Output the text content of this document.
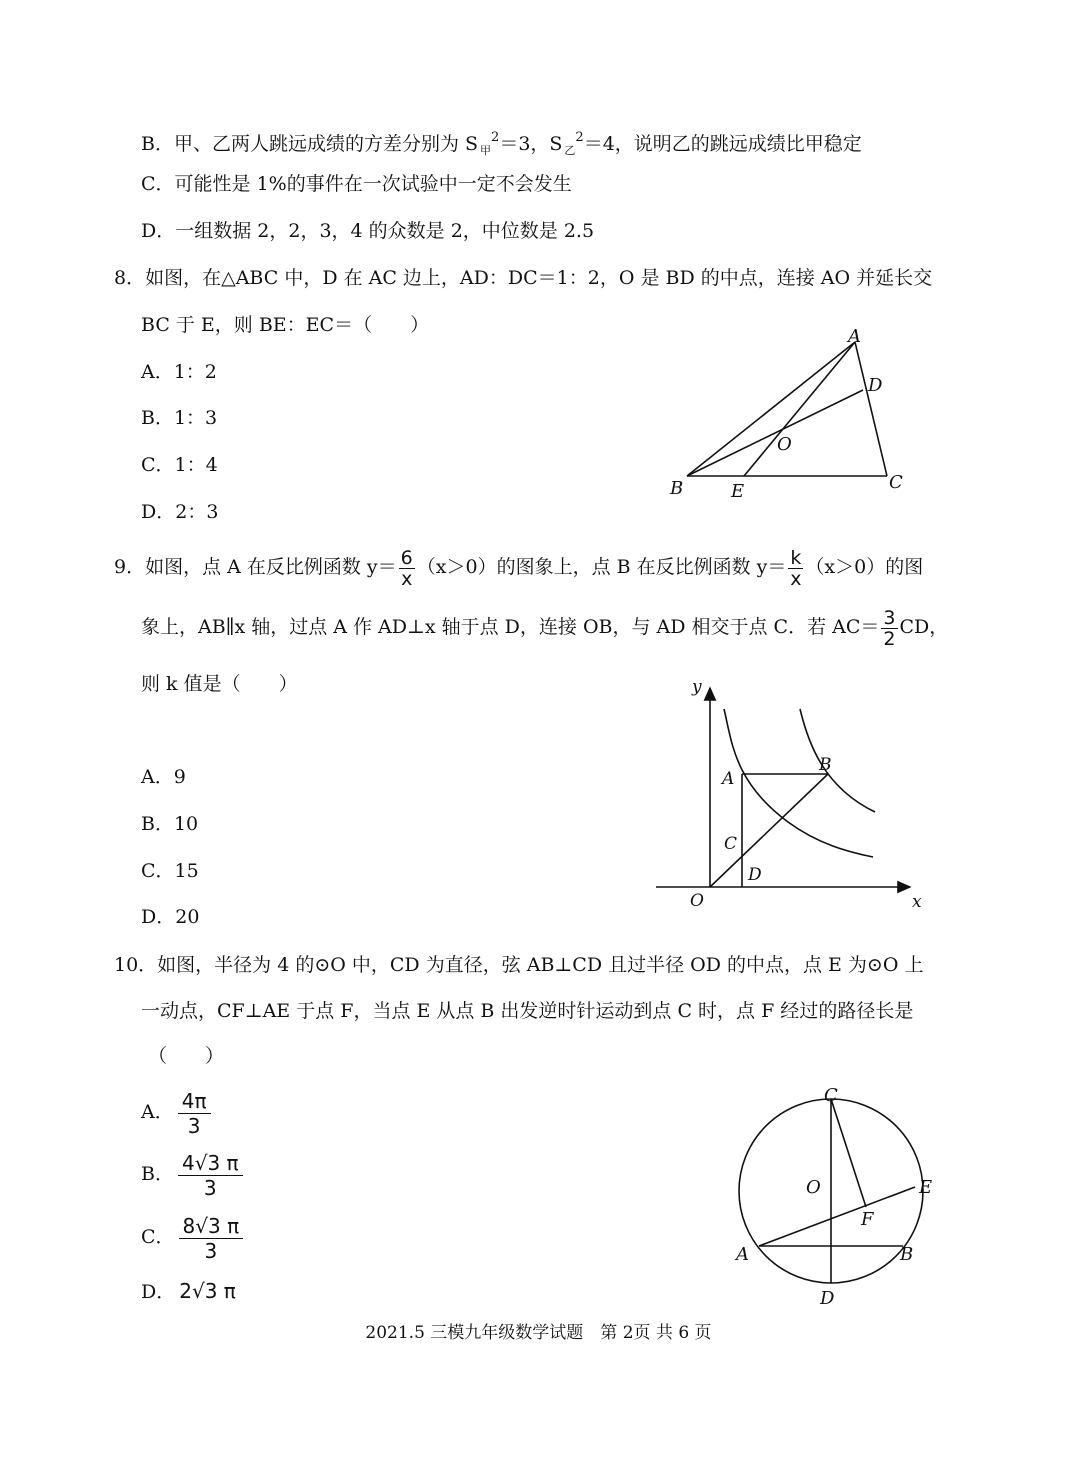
B．甲、乙两人跳远成绩的方差分别为 S $_甲^2$＝3，S $_乙^2$＝4，说明乙的跳远成绩比甲稳定
C．可能性是 1%的事件在一次试验中一定不会发生
D．一组数据 2，2，3，4 的众数是 2，中位数是 2.5
8．如图，在△ABC 中，D 在 AC 边上，AD：DC＝1：2，O 是 BD 的中点，连接 AO 并延长交
BC 于 E，则 BE：EC＝（　　）
A．1：2
B．1：3
C．1：4
D．2：3
A
D
O
B	E	C
9．如图，点 A 在反比例函数 $y= \frac{6}{x} (x>0)$的图象上，点 B 在反比例函数 $y= \frac{k}{x} (x>0)$的图
象上，AB∥x 轴，过点 A 作 AD⊥x 轴于点 D，连接 OB，与 AD 相交于点 C．若 $AC= \frac{3}{2}$ CD，
则 k 值是（　　）
A．9
B．10
C．15
D．20
y
x
O
A
B
C
D
10．如图，半径为 4 的⊙O 中，CD 为直径，弦 AB⊥CD 且过半径 OD 的中点，点 E 为⊙O 上
一动点，CF⊥AE 于点 F，当点 E 从点 B 出发逆时针运动到点 C 时，点 F 经过的路径长是
（　　）
A． $\frac{4\pi}{3}$
B． $\frac{4√3 \pi}{3}$
C． $\frac{8√3 \pi}{3}$
D． 2√3 π
C
O	E
F
A	B
D
2021.5 三模九年级数学试题　第 2页 共 6 页
